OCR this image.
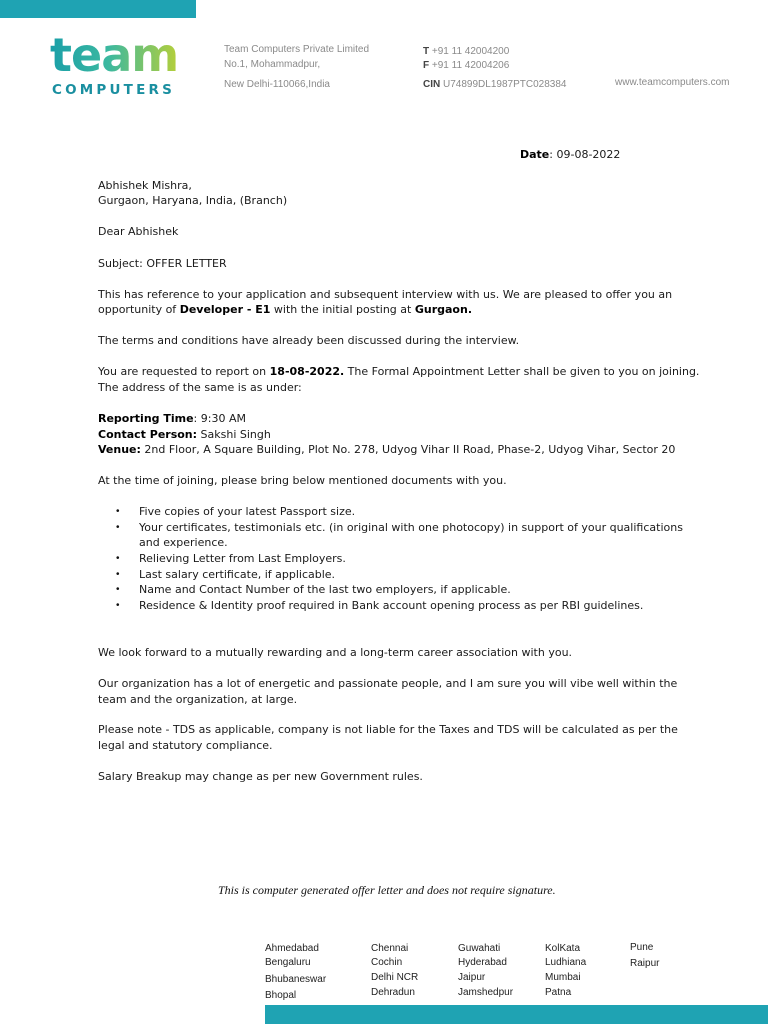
team
COMPUTERS
Team Computers Private Limited
No.1, Mohammadpur,
New Delhi-110066,India
T +91 11 42004200
F +91 11 42004206
CIN U74899DL1987PTC028384	www.teamcomputers.com
Date: 09-08-2022
Abhishek Mishra,
Gurgaon, Haryana, India, (Branch)
Dear Abhishek
Subject: OFFER LETTER
This has reference to your application and subsequent interview with us. We are pleased to offer you an
opportunity of Developer - E1 with the initial posting at Gurgaon.
The terms and conditions have already been discussed during the interview.
You are requested to report on 18-08-2022. The Formal Appointment Letter shall be given to you on joining.
The address of the same is as under:
Reporting Time: 9:30 AM
Contact Person: Sakshi Singh
Venue: 2nd Floor, A Square Building, Plot No. 278, Udyog Vihar II Road, Phase-2, Udyog Vihar, Sector 20
At the time of joining, please bring below mentioned documents with you.
• Five copies of your latest Passport size.
• Your certificates, testimonials etc. (in original with one photocopy) in support of your qualifications
and experience.
• Relieving Letter from Last Employers.
• Last salary certificate, if applicable.
• Name and Contact Number of the last two employers, if applicable.
• Residence & Identity proof required in Bank account opening process as per RBI guidelines.
We look forward to a mutually rewarding and a long-term career association with you.
Our organization has a lot of energetic and passionate people, and I am sure you will vibe well within the
team and the organization, at large.
Please note - TDS as applicable, company is not liable for the Taxes and TDS will be calculated as per the
legal and statutory compliance.
Salary Breakup may change as per new Government rules.
This is computer generated offer letter and does not require signature.
Ahmedabad
Bengaluru
Bhubaneswar
Bhopal
Chennai
Cochin
Delhi NCR
Dehradun
Guwahati
Hyderabad
Jaipur
Jamshedpur
KolKata
Ludhiana
Mumbai
Patna
Pune
Raipur
